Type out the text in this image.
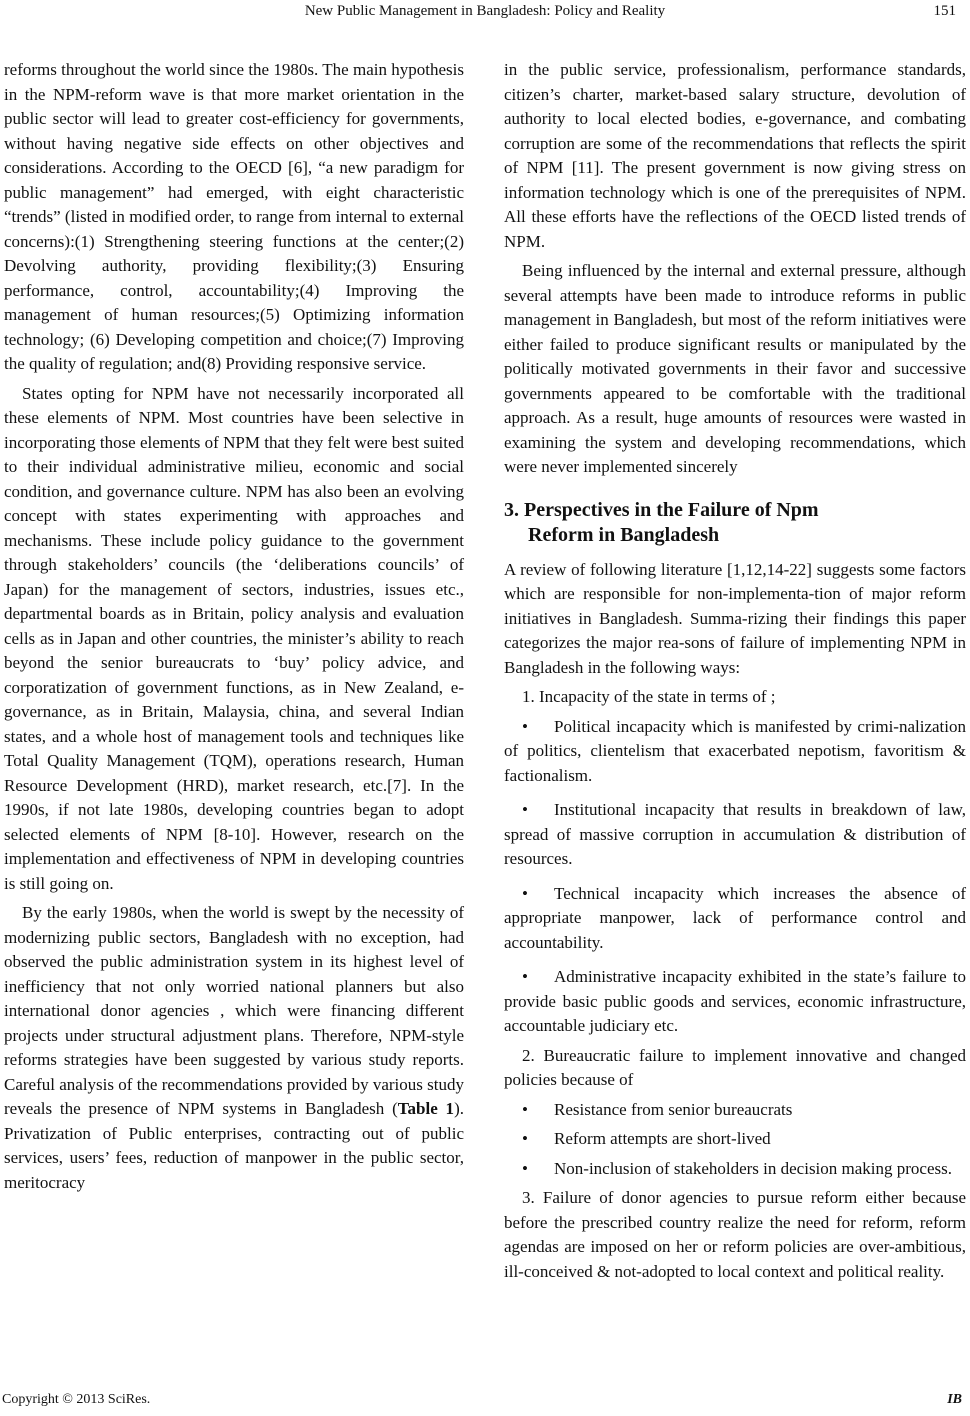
New Public Management in Bangladesh: Policy and Reality	151

reforms throughout the world since the 1980s. The main hypothesis in the NPM-reform wave is that more market orientation in the public sector will lead to greater cost-efficiency for governments, without having negative side effects on other objectives and considerations. According to the OECD [6], “a new paradigm for public management” had emerged, with eight characteristic “trends” (listed in modified order, to range from internal to external concerns):(1) Strengthening steering functions at the center;(2) Devolving authority, providing flexibility;(3) Ensuring performance, control, accountability;(4) Improving the management of human resources;(5) Optimizing information technology; (6) Developing competition and choice;(7) Improving the quality of regulation; and(8) Providing responsive service.

States opting for NPM have not necessarily incorporated all these elements of NPM. Most countries have been selective in incorporating those elements of NPM that they felt were best suited to their individual administrative milieu, economic and social condition, and governance culture. NPM has also been an evolving concept with states experimenting with approaches and mechanisms. These include policy guidance to the government through stakeholders’ councils (the ‘deliberations councils’ of Japan) for the management of sectors, industries, issues etc., departmental boards as in Britain, policy analysis and evaluation cells as in Japan and other countries, the minister’s ability to reach beyond the senior bureaucrats to ‘buy’ policy advice, and corporatization of government functions, as in New Zealand, e-governance, as in Britain, Malaysia, china, and several Indian states, and a whole host of management tools and techniques like Total Quality Management (TQM), operations research, Human Resource Development (HRD), market research, etc.[7]. In the 1990s, if not late 1980s, developing countries began to adopt selected elements of NPM [8-10]. However, research on the implementation and effectiveness of NPM in developing countries is still going on.

By the early 1980s, when the world is swept by the necessity of modernizing public sectors, Bangladesh with no exception, had observed the public administration system in its highest level of inefficiency that not only worried national planners but also international donor agencies , which were financing different projects under structural adjustment plans. Therefore, NPM-style reforms strategies have been suggested by various study reports. Careful analysis of the recommendations provided by various study reveals the presence of NPM systems in Bangladesh (Table 1). Privatization of Public enterprises, contracting out of public services, users’ fees, reduction of manpower in the public sector, meritocracy

in the public service, professionalism, performance standards, citizen’s charter, market-based salary structure, devolution of authority to local elected bodies, e-governance, and combating corruption are some of the recommendations that reflects the spirit of NPM [11]. The present government is now giving stress on information technology which is one of the prerequisites of NPM. All these efforts have the reflections of the OECD listed trends of NPM.

Being influenced by the internal and external pressure, although several attempts have been made to introduce reforms in public management in Bangladesh, but most of the reform initiatives were either failed to produce significant results or manipulated by the politically motivated governments in their favor and successive governments appeared to be comfortable with the traditional approach. As a result, huge amounts of resources were wasted in examining the system and developing recommendations, which were never implemented sincerely

3. Perspectives in the Failure of Npm
Reform in Bangladesh

A review of following literature [1,12,14-22] suggests some factors which are responsible for non-implementa-tion of major reform initiatives in Bangladesh. Summa-rizing their findings this paper categorizes the major rea-sons of failure of implementing NPM in Bangladesh in the following ways:

1. Incapacity of the state in terms of ;

• Political incapacity which is manifested by crimi-nalization of politics, clientelism that exacerbated nepotism, favoritism & factionalism.
• Institutional incapacity that results in breakdown of law, spread of massive corruption in accumulation & distribution of resources.
• Technical incapacity which increases the absence of appropriate manpower, lack of performance control and accountability.
• Administrative incapacity exhibited in the state’s failure to provide basic public goods and services, economic infrastructure, accountable judiciary etc.

2. Bureaucratic failure to implement innovative and changed policies because of

• Resistance from senior bureaucrats
• Reform attempts are short-lived
• Non-inclusion of stakeholders in decision making process.

3. Failure of donor agencies to pursue reform either because before the prescribed country realize the need for reform, reform agendas are imposed on her or reform policies are over-ambitious, ill-conceived & not-adopted to local context and political reality.

Copyright © 2013 SciRes.	IB
